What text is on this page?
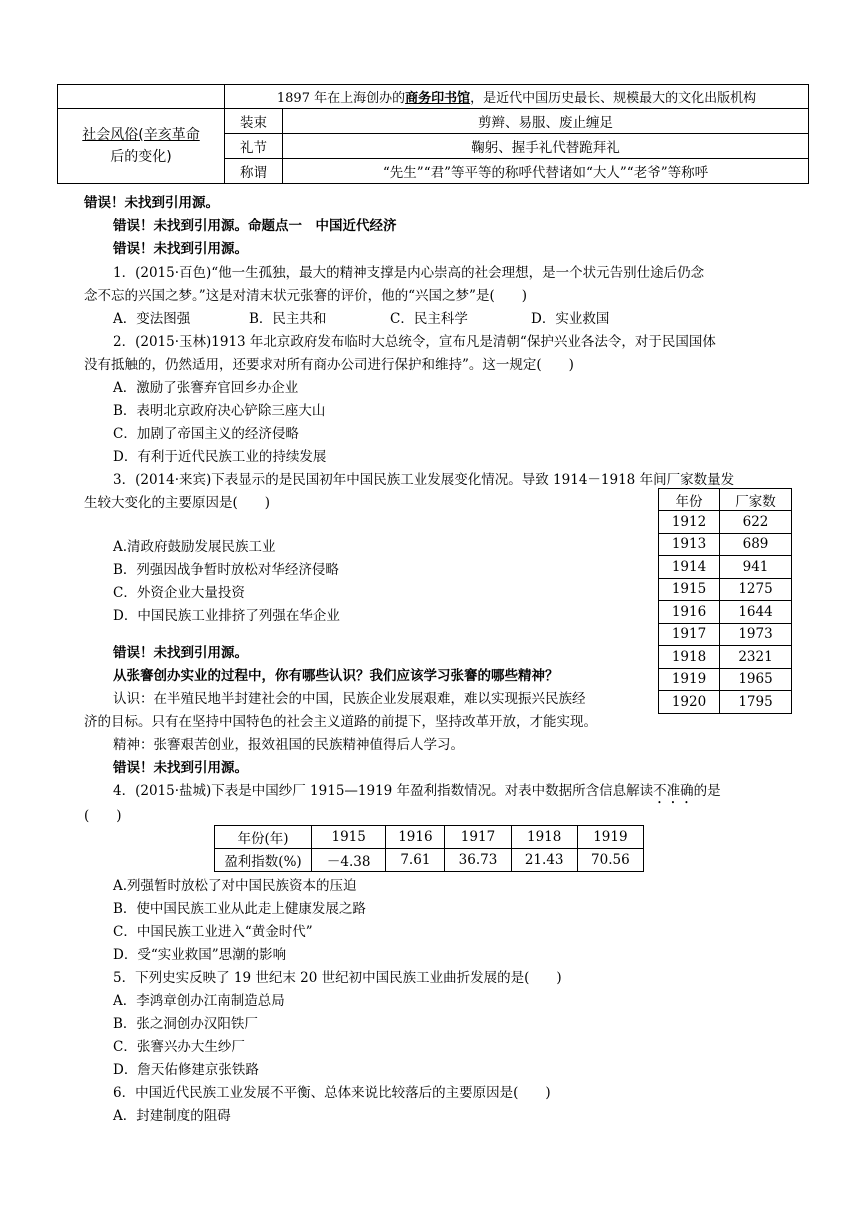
	1897 年在上海创办的商务印书馆，是近代中国历史最长、规模最大的文化出版机构	

社会风俗(辛亥革命
后的变化)	装束	剪辫、易服、废止缠足
	礼节	鞠躬、握手礼代替跪拜礼
	称谓	“先生”“君”等平等的称呼代替诸如“大人”“老爷”等称呼
错误！未找到引用源。
错误！未找到引用源。命题点一　中国近代经济
错误！未找到引用源。
1．(2015·百色)“他一生孤独，最大的精神支撑是内心崇高的社会理想，是一个状元告别仕途后仍念
念不忘的兴国之梦。”这是对清末状元张謇的评价，他的“兴国之梦”是(　　)
A．变法图强	B．民主共和	C．民主科学	D．实业救国
2．(2015·玉林)1913 年北京政府发布临时大总统令，宣布凡是清朝“保护兴业各法令，对于民国国体
没有抵触的，仍然适用，还要求对所有商办公司进行保护和维持”。这一规定(　　)
A．激励了张謇弃官回乡办企业
B．表明北京政府决心铲除三座大山
C．加剧了帝国主义的经济侵略
D．有利于近代民族工业的持续发展
3．(2014·来宾)下表显示的是民国初年中国民族工业发展变化情况。导致 1914－1918 年间厂家数量发
生较大变化的主要原因是(　　)
A.清政府鼓励发展民族工业
B．列强因战争暂时放松对华经济侵略
C．外资企业大量投资
D．中国民族工业排挤了列强在华企业
年份	厂家数
1912	622
1913	689
1914	941
1915	1275
1916	1644
1917	1973
1918	2321
1919	1965
1920	1795
错误！未找到引用源。
从张謇创办实业的过程中，你有哪些认识？我们应该学习张謇的哪些精神？
认识：在半殖民地半封建社会的中国，民族企业发展艰难，难以实现振兴民族经
济的目标。只有在坚持中国特色的社会主义道路的前提下，坚持改革开放，才能实现。
精神：张謇艰苦创业，报效祖国的民族精神值得后人学习。
错误！未找到引用源。
4．(2015·盐城)下表是中国纱厂 1915—1919 年盈利指数情况。对表中数据所含信息解读不准确的是
(　　)
年份(年)	1915	1916	1917	1918	1919
盈利指数(%)	－4.38	7.61	36.73	21.43	70.56
A.列强暂时放松了对中国民族资本的压迫
B．使中国民族工业从此走上健康发展之路
C．中国民族工业进入“黄金时代”
D．受“实业救国”思潮的影响
5．下列史实反映了 19 世纪末 20 世纪初中国民族工业曲折发展的是(　　)
A．李鸿章创办江南制造总局
B．张之洞创办汉阳铁厂
C．张謇兴办大生纱厂
D．詹天佑修建京张铁路
6．中国近代民族工业发展不平衡、总体来说比较落后的主要原因是(　　)
A．封建制度的阻碍
